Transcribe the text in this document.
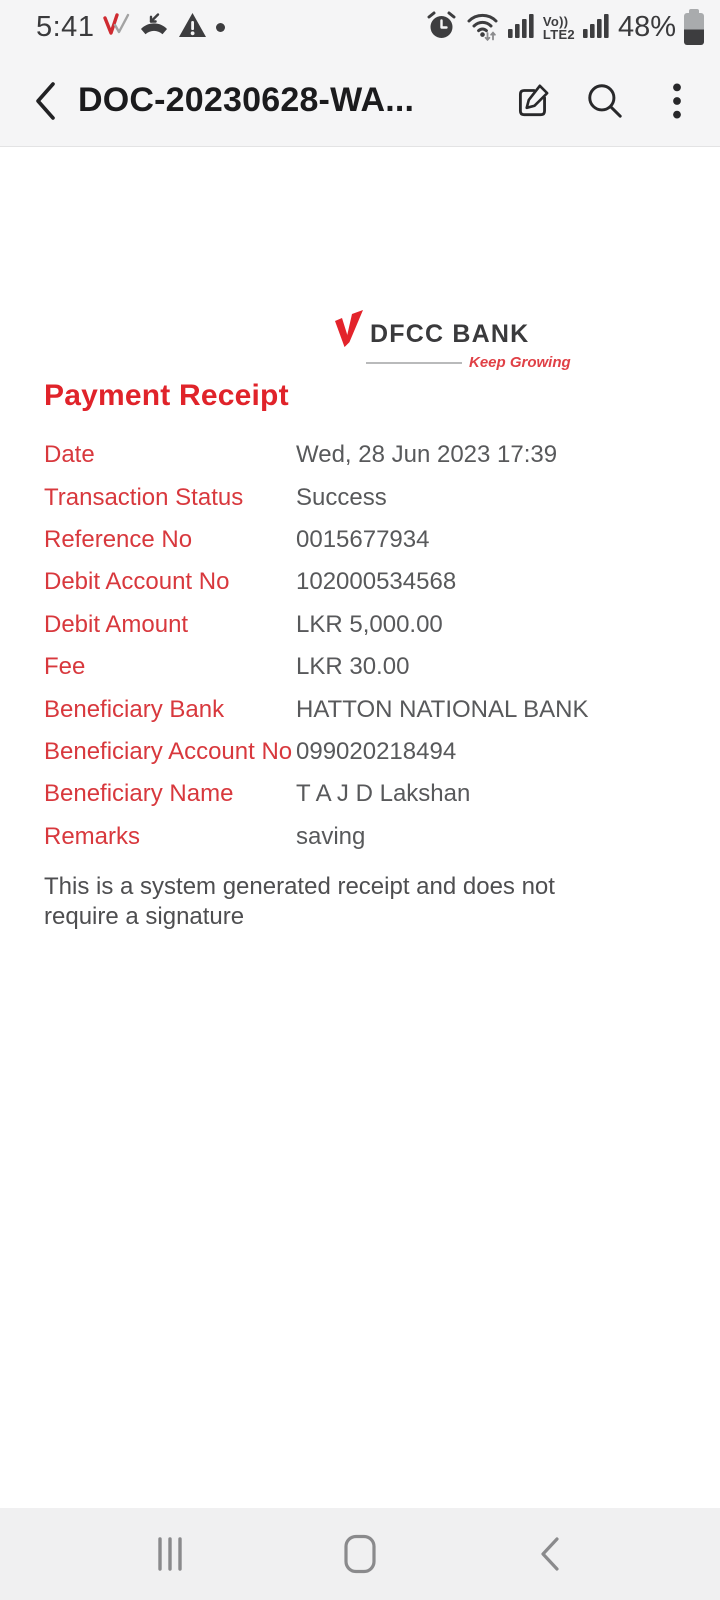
5:41	Vo))
LTE2 48%
DOC-20230628-WA...
DFCC BANK
Keep Growing
Payment Receipt
Date	Wed, 28 Jun 2023 17:39
Transaction Status	Success
Reference No	0015677934
Debit Account No	102000534568
Debit Amount	LKR 5,000.00
Fee	LKR 30.00
Beneficiary Bank	HATTON NATIONAL BANK
Beneficiary Account No 099020218494
Beneficiary Name	T A J D Lakshan
Remarks	saving
This is a system generated receipt and does not require a signature
